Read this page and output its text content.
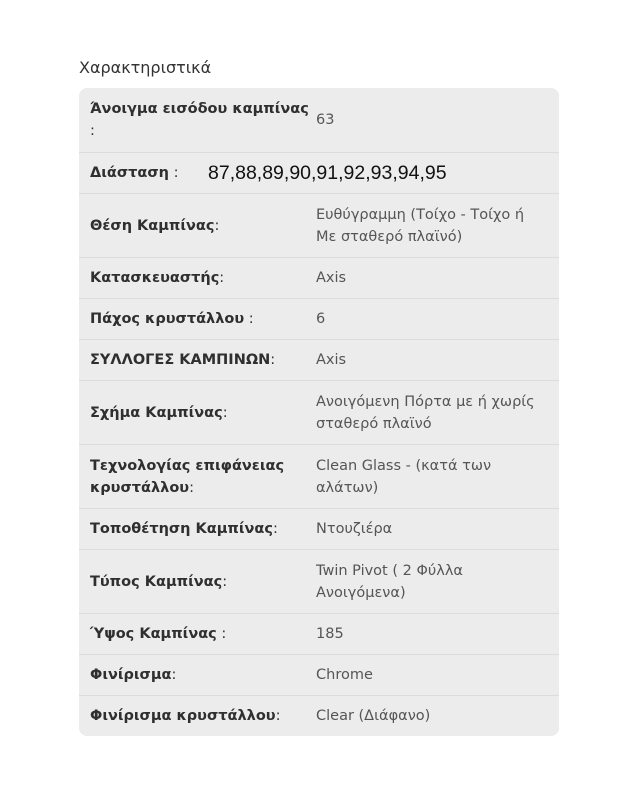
Χαρακτηριστικά
Άνοιγμα εισόδου καμπίνας :
63
Διάσταση :	87,88,89,90,91,92,93,94,95
Θέση Καμπίνας:
Ευθύγραμμη (Τοίχο - Τοίχο ή Με σταθερό πλαϊνό)
Κατασκευαστής:	Axis
Πάχος κρυστάλλου :	6
ΣΥΛΛΟΓΕΣ ΚΑΜΠΙΝΩΝ:	Axis
Σχήμα Καμπίνας:
Ανοιγόμενη Πόρτα με ή χωρίς σταθερό πλαϊνό
Τεχνολογίας επιφάνειας κρυστάλλου:
Clean Glass - (κατά των αλάτων)
Τοποθέτηση Καμπίνας:	Ντουζιέρα
Τύπος Καμπίνας:
Twin Pivot ( 2 Φύλλα Ανοιγόμενα)
Ύψος Καμπίνας :	185
Φινίρισμα:	Chrome
Φινίρισμα κρυστάλλου:	Clear (Διάφανο)
